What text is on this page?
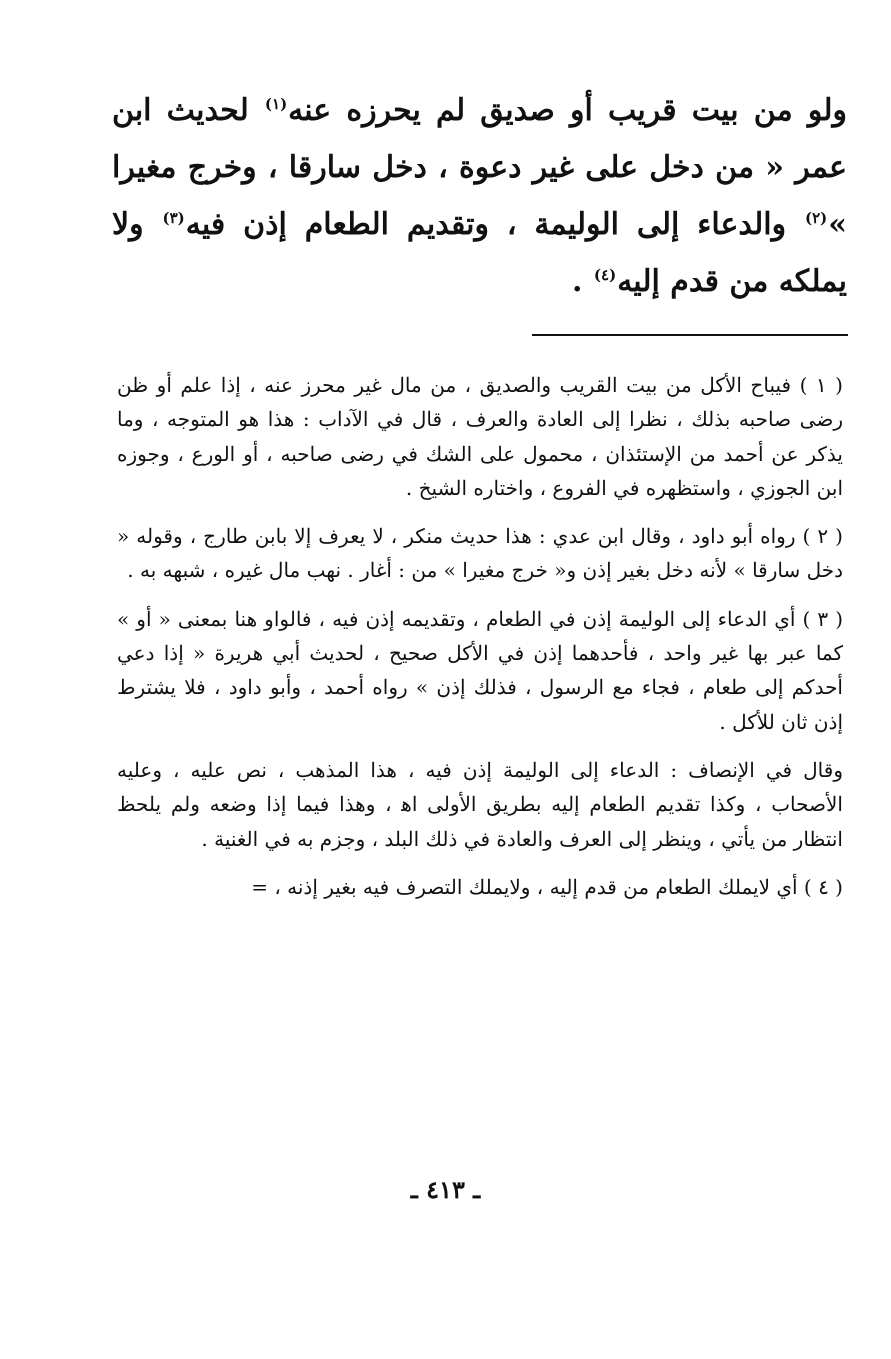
ولو من بيت قريب أو صديق لم يحرزه عنه$^{(١)}$ لحديث ابن عمر « من دخل على غير دعوة ، دخل سارقا ، وخرج مغيرا »$^{(٢)}$ والدعاء إلى الوليمة ، وتقديم الطعام إذن فيه$^{(٣)}$ ولا يملكه من قدم إليه$^{(٤)}$ .

( ١ ) فيباح الأكل من بيت القريب والصديق ، من مال غير محرز عنه ، إذا علم أو ظن رضى صاحبه بذلك ، نظرا إلى العادة والعرف ، قال في الآداب : هذا هو المتوجه ، وما يذكر عن أحمد من الإستئذان ، محمول على الشك في رضى صاحبه ، أو الورع ، وجوزه ابن الجوزي ، واستظهره في الفروع ، واختاره الشيخ .

( ٢ ) رواه أبو داود ، وقال ابن عدي : هذا حديث منكر ، لا يعرف إلا بابن طارج ، وقوله « دخل سارقا » لأنه دخل بغير إذن و« خرج مغيرا » من : أغار . نهب مال غيره ، شبهه به .

( ٣ ) أي الدعاء إلى الوليمة إذن في الطعام ، وتقديمه إذن فيه ، فالواو هنا بمعنى « أو » كما عبر بها غير واحد ، فأحدهما إذن في الأكل صحيح ، لحديث أبي هريرة « إذا دعي أحدكم إلى طعام ، فجاء مع الرسول ، فذلك إذن » رواه أحمد ، وأبو داود ، فلا يشترط إذن ثان للأكل .

وقال في الإنصاف : الدعاء إلى الوليمة إذن فيه ، هذا المذهب ، نص عليه ، وعليه الأصحاب ، وكذا تقديم الطعام إليه بطريق الأولى اه‍ ، وهذا فيما إذا وضعه ولم يلحظ انتظار من يأتي ، وينظر إلى العرف والعادة في ذلك البلد ، وجزم به في الغنية .

( ٤ ) أي لايملك الطعام من قدم إليه ، ولايملك التصرف فيه بغير إذنه ، =

ـ ٤١٣ ـ
